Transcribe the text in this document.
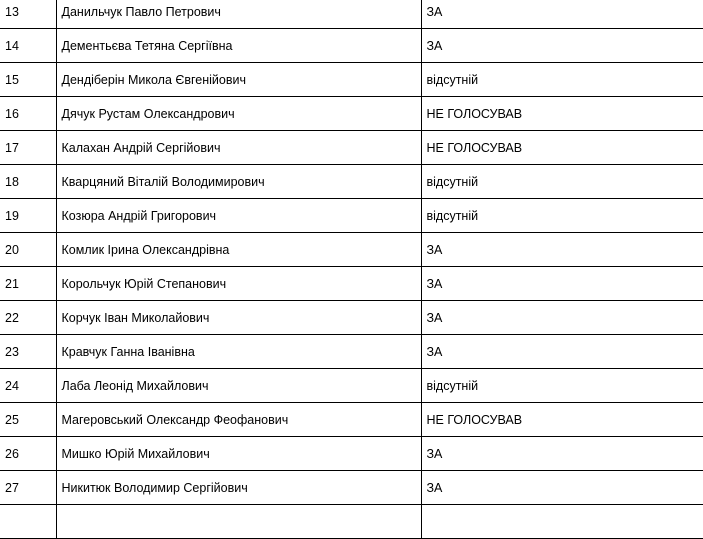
13	Данильчук Павло Петрович	ЗА
14	Дементьєва Тетяна Сергіївна	ЗА
15	Дендіберін Микола Євгенійович	відсутній
16	Дячук Рустам Олександрович	НЕ ГОЛОСУВАВ
17	Калахан Андрій Сергійович	НЕ ГОЛОСУВАВ
18	Кварцяний Віталій Володимирович	відсутній
19	Козюра Андрій Григорович	відсутній
20	Комлик Ірина Олександрівна	ЗА
21	Корольчук Юрій Степанович	ЗА
22	Корчук Іван Миколайович	ЗА
23	Кравчук Ганна Іванівна	ЗА
24	Лаба Леонід Михайлович	відсутній
25	Магеровський Олександр Феофанович	НЕ ГОЛОСУВАВ
26	Мишко Юрій Михайлович	ЗА
27	Никитюк Володимир Сергійович	ЗА
